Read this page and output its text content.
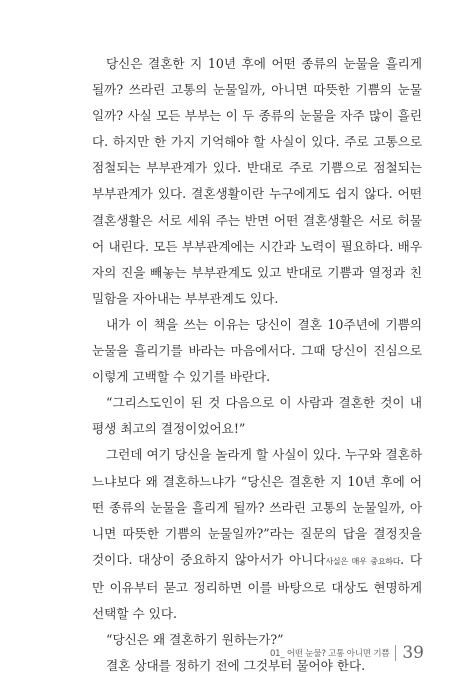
당신은 결혼한 지 10년 후에 어떤 종류의 눈물을 흘리게 될까? 쓰라린 고통의 눈물일까, 아니면 따뜻한 기쁨의 눈물일까? 사실 모든 부부는 이 두 종류의 눈물을 자주 많이 흘린다. 하지만 한 가지 기억해야 할 사실이 있다. 주로 고통으로 점철되는 부부관계가 있다. 반대로 주로 기쁨으로 점철되는 부부관계가 있다. 결혼생활이란 누구에게도 쉽지 않다. 어떤 결혼생활은 서로 세워 주는 반면 어떤 결혼생활은 서로 허물어 내린다. 모든 부부관계에는 시간과 노력이 필요하다. 배우자의 진을 빼놓는 부부관계도 있고 반대로 기쁨과 열정과 친밀함을 자아내는 부부관계도 있다.

내가 이 책을 쓰는 이유는 당신이 결혼 10주년에 기쁨의 눈물을 흘리기를 바라는 마음에서다. 그때 당신이 진심으로 이렇게 고백할 수 있기를 바란다.

“그리스도인이 된 것 다음으로 이 사람과 결혼한 것이 내 평생 최고의 결정이었어요!”

그런데 여기 당신을 놀라게 할 사실이 있다. 누구와 결혼하느냐보다 왜 결혼하느냐가 “당신은 결혼한 지 10년 후에 어떤 종류의 눈물을 흘리게 될까? 쓰라린 고통의 눈물일까, 아니면 따뜻한 기쁨의 눈물일까?”라는 질문의 답을 결정짓을 것이다. 대상이 중요하지 않아서가 아니다사실은 매우 중요하다. 다만 이유부터 묻고 정리하면 이를 바탕으로 대상도 현명하게 선택할 수 있다.

“당신은 왜 결혼하기 원하는가?”

결혼 상대를 정하기 전에 그것부터 물어야 한다.

01_ 어떤 눈물? 고통 아니면 기쁨 39
